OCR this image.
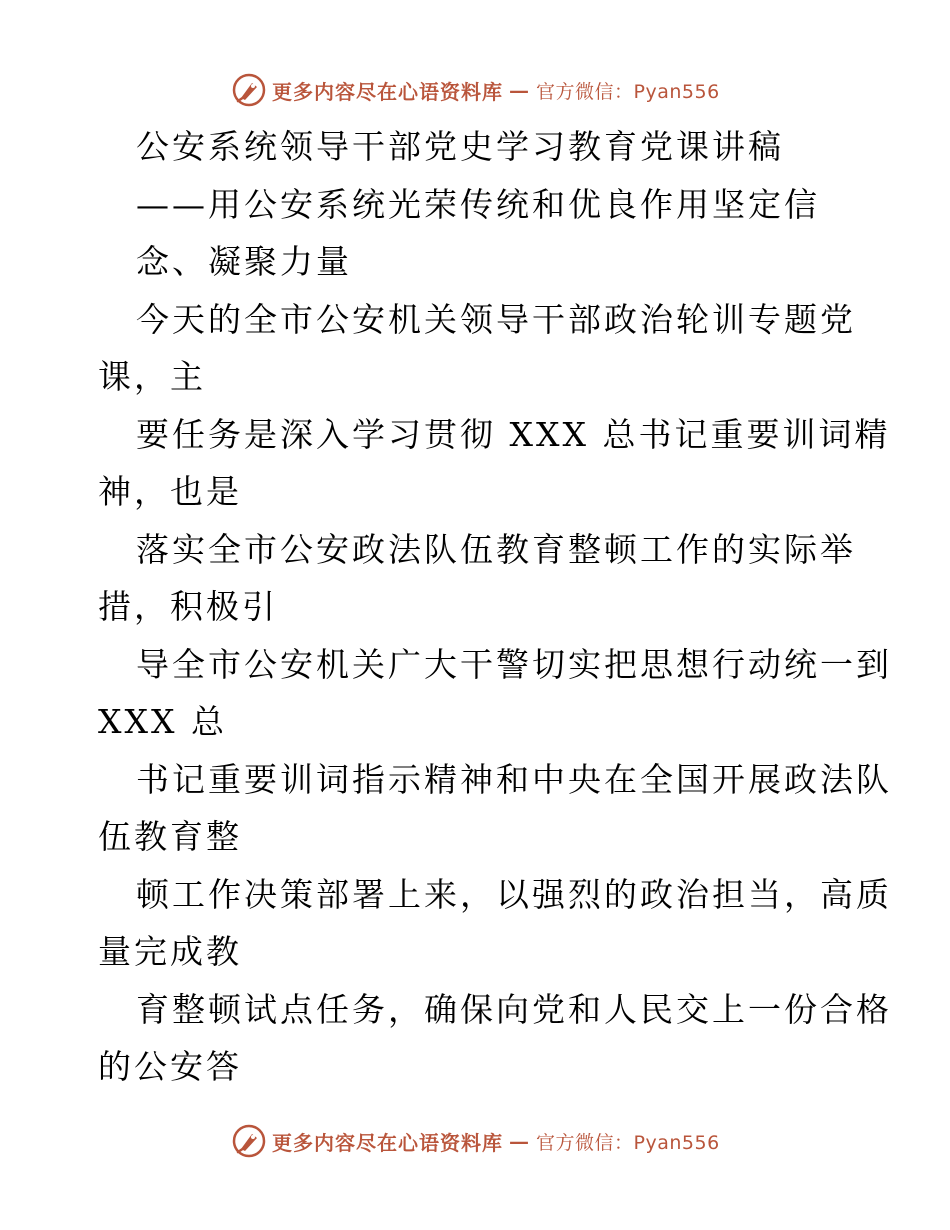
更多内容尽在心语资料库 — 官方微信：Pyan556
公安系统领导干部党史学习教育党课讲稿
——用公安系统光荣传统和优良作用坚定信
念、凝聚力量
今天的全市公安机关领导干部政治轮训专题党
课，主
要任务是深入学习贯彻 XXX 总书记重要训词精
神，也是
落实全市公安政法队伍教育整顿工作的实际举
措，积极引
导全市公安机关广大干警切实把思想行动统一到
XXX 总
书记重要训词指示精神和中央在全国开展政法队
伍教育整
顿工作决策部署上来，以强烈的政治担当，高质
量完成教
育整顿试点任务，确保向党和人民交上一份合格
的公安答
更多内容尽在心语资料库 — 官方微信：Pyan556
